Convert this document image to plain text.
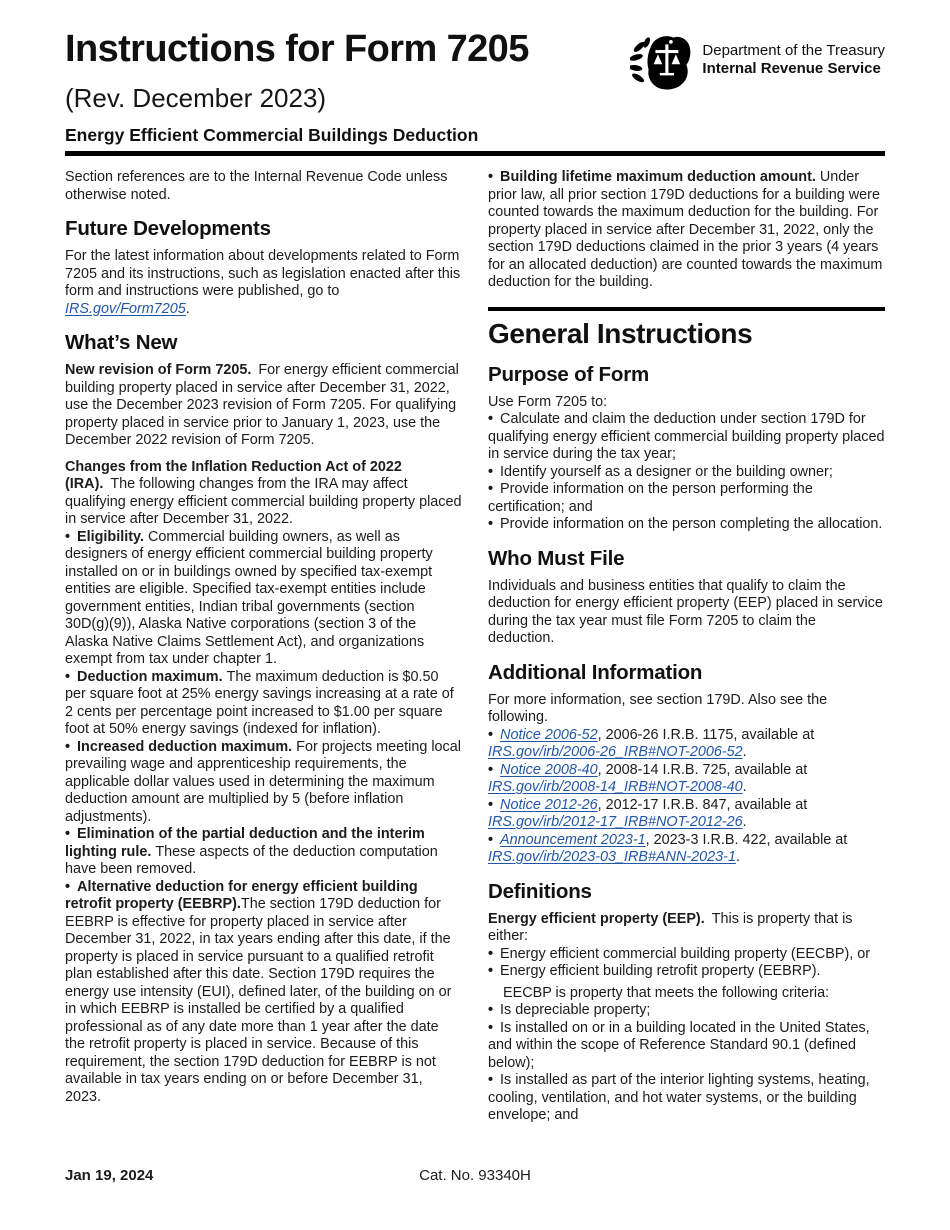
Instructions for Form 7205
(Rev. December 2023)
Energy Efficient Commercial Buildings Deduction
Department of the Treasury
Internal Revenue Service

Section references are to the Internal Revenue Code unless otherwise noted.

Future Developments

For the latest information about developments related to Form 7205 and its instructions, such as legislation enacted after this form and instructions were published, go to IRS.gov/Form7205.

What’s New

New revision of Form 7205. For energy efficient commercial building property placed in service after December 31, 2022, use the December 2023 revision of Form 7205. For qualifying property placed in service prior to January 1, 2023, use the December 2022 revision of Form 7205.

Changes from the Inflation Reduction Act of 2022 (IRA). The following changes from the IRA may affect qualifying energy efficient commercial building property placed in service after December 31, 2022.

• Eligibility. Commercial building owners, as well as designers of energy efficient commercial building property installed on or in buildings owned by specified tax-exempt entities are eligible. Specified tax-exempt entities include government entities, Indian tribal governments (section 30D(g)(9)), Alaska Native corporations (section 3 of the Alaska Native Claims Settlement Act), and organizations exempt from tax under chapter 1.

• Deduction maximum. The maximum deduction is $0.50 per square foot at 25% energy savings increasing at a rate of 2 cents per percentage point increased to $1.00 per square foot at 50% energy savings (indexed for inflation).

• Increased deduction maximum. For projects meeting local prevailing wage and apprenticeship requirements, the applicable dollar values used in determining the maximum deduction amount are multiplied by 5 (before inflation adjustments).

• Elimination of the partial deduction and the interim lighting rule. These aspects of the deduction computation have been removed.

• Alternative deduction for energy efficient building retrofit property (EEBRP).The section 179D deduction for EEBRP is effective for property placed in service after December 31, 2022, in tax years ending after this date, if the property is placed in service pursuant to a qualified retrofit plan established after this date. Section 179D requires the energy use intensity (EUI), defined later, of the building on or in which EEBRP is installed be certified by a qualified professional as of any date more than 1 year after the date the retrofit property is placed in service. Because of this requirement, the section 179D deduction for EEBRP is not available in tax years ending on or before December 31, 2023.

• Building lifetime maximum deduction amount. Under prior law, all prior section 179D deductions for a building were counted towards the maximum deduction for the building. For property placed in service after December 31, 2022, only the section 179D deductions claimed in the prior 3 years (4 years for an allocated deduction) are counted towards the maximum deduction for the building.

General Instructions
Purpose of Form

Use Form 7205 to:

• Calculate and claim the deduction under section 179D for qualifying energy efficient commercial building property placed in service during the tax year;

• Identify yourself as a designer or the building owner;

• Provide information on the person performing the certification; and

• Provide information on the person completing the allocation.

Who Must File

Individuals and business entities that qualify to claim the deduction for energy efficient property (EEP) placed in service during the tax year must file Form 7205 to claim the deduction.

Additional Information

For more information, see section 179D. Also see the following.

• Notice 2006-52, 2006-26 I.R.B. 1175, available at IRS.gov/irb/2006-26_IRB#NOT-2006-52.

• Notice 2008-40, 2008-14 I.R.B. 725, available at IRS.gov/irb/2008-14_IRB#NOT-2008-40.

• Notice 2012-26, 2012-17 I.R.B. 847, available at IRS.gov/irb/2012-17_IRB#NOT-2012-26.

• Announcement 2023-1, 2023-3 I.R.B. 422, available at IRS.gov/irb/2023-03_IRB#ANN-2023-1.

Definitions

Energy efficient property (EEP). This is property that is either:

• Energy efficient commercial building property (EECBP), or

• Energy efficient building retrofit property (EEBRP).

EECBP is property that meets the following criteria:

• Is depreciable property;

• Is installed on or in a building located in the United States, and within the scope of Reference Standard 90.1 (defined below);

• Is installed as part of the interior lighting systems, heating, cooling, ventilation, and hot water systems, or the building envelope; and

Jan 19, 2024	Cat. No. 93340H
